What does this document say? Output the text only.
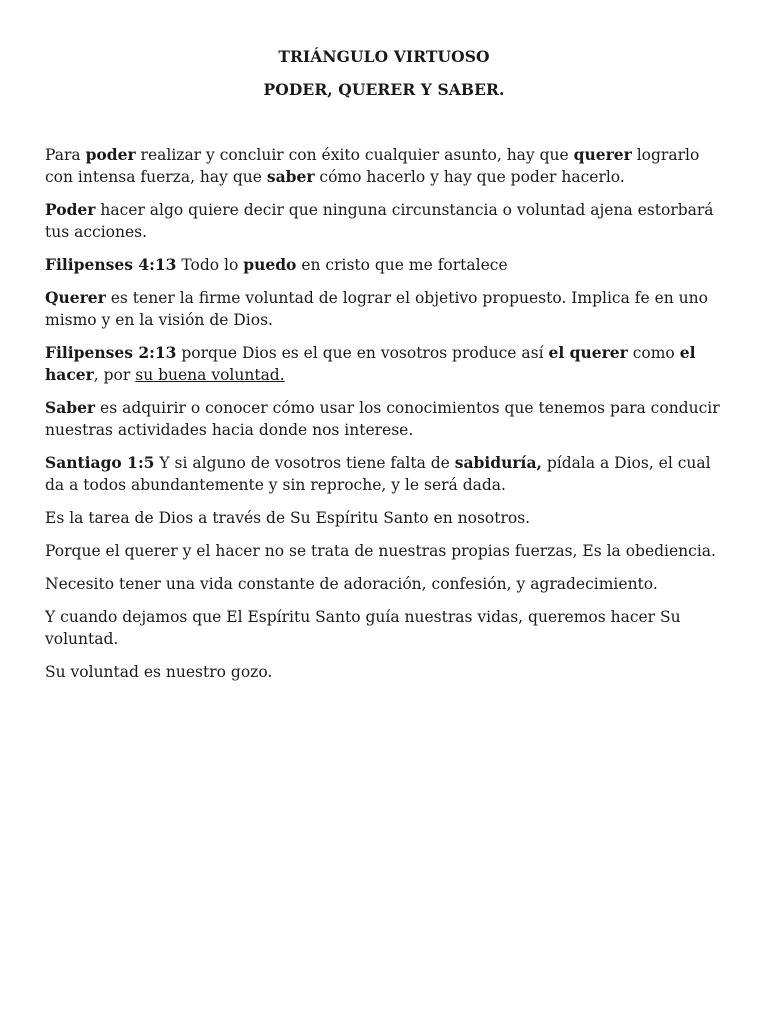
TRIÁNGULO VIRTUOSO
PODER, QUERER Y SABER.

Para poder realizar y concluir con éxito cualquier asunto, hay que querer lograrlo con intensa fuerza, hay que saber cómo hacerlo y hay que poder hacerlo.

Poder hacer algo quiere decir que ninguna circunstancia o voluntad ajena estorbará tus acciones.

Filipenses 4:13 Todo lo puedo en cristo que me fortalece

Querer es tener la firme voluntad de lograr el objetivo propuesto. Implica fe en uno mismo y en la visión de Dios.

Filipenses 2:13 porque Dios es el que en vosotros produce así el querer como el hacer, por su buena voluntad.

Saber es adquirir o conocer cómo usar los conocimientos que tenemos para conducir nuestras actividades hacia donde nos interese.

Santiago 1:5 Y si alguno de vosotros tiene falta de sabiduría, pídala a Dios, el cual da a todos abundantemente y sin reproche, y le será dada.

Es la tarea de Dios a través de Su Espíritu Santo en nosotros.

Porque el querer y el hacer no se trata de nuestras propias fuerzas, Es la obediencia.

Necesito tener una vida constante de adoración, confesión, y agradecimiento.

Y cuando dejamos que El Espíritu Santo guía nuestras vidas, queremos hacer Su voluntad.

Su voluntad es nuestro gozo.
